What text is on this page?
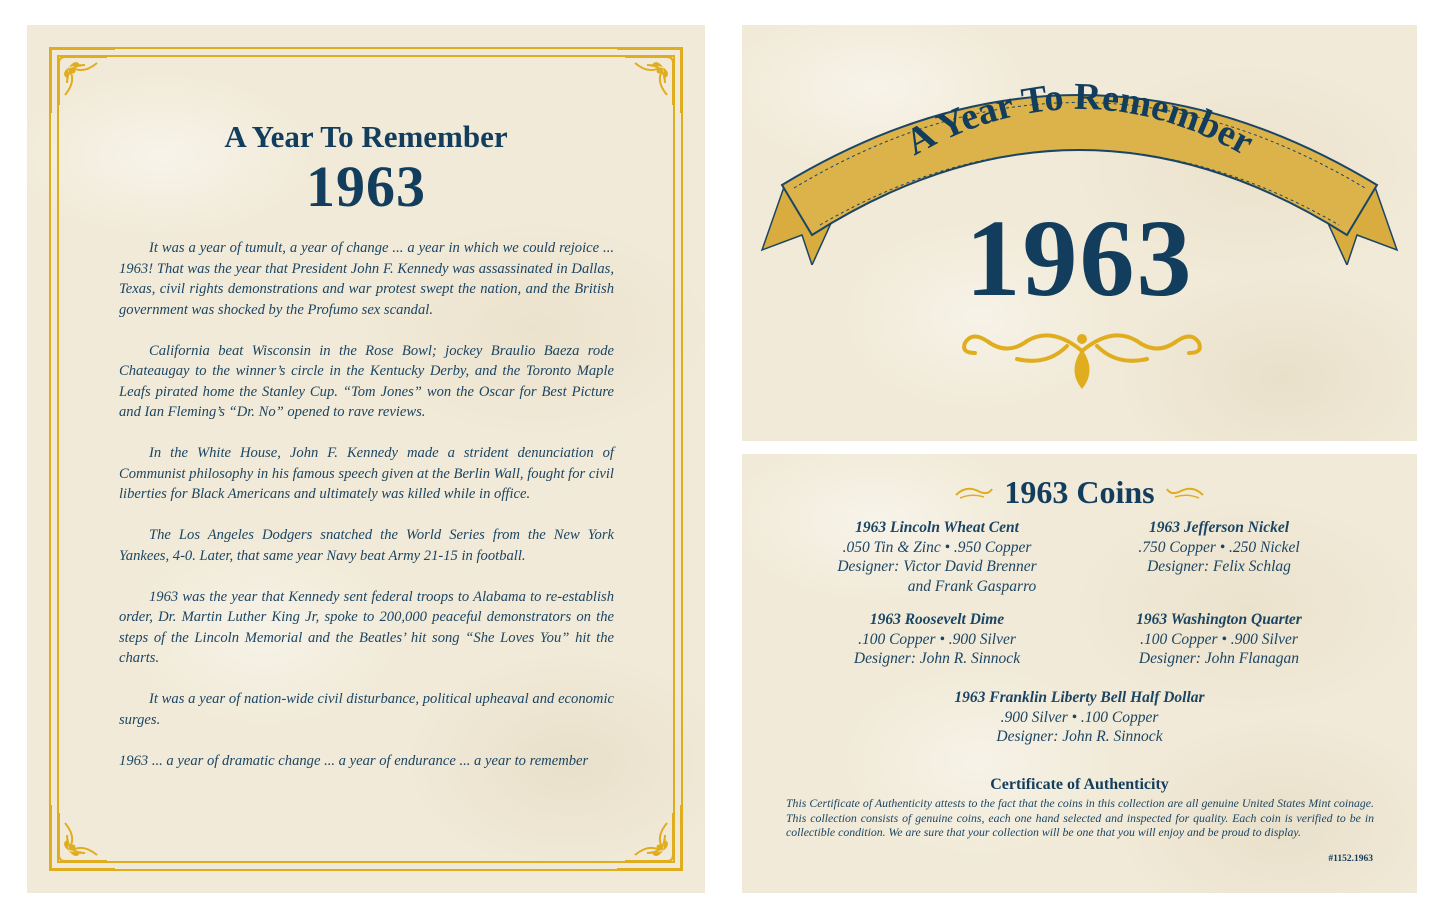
A Year To Remember
1963

It was a year of tumult, a year of change ... a year in which we could rejoice ... 1963! That was the year that President John F. Kennedy was assassinated in Dallas, Texas, civil rights demonstrations and war protest swept the nation, and the British government was shocked by the Profumo sex scandal.

California beat Wisconsin in the Rose Bowl; jockey Braulio Baeza rode Chateaugay to the winner’s circle in the Kentucky Derby, and the Toronto Maple Leafs pirated home the Stanley Cup. “Tom Jones” won the Oscar for Best Picture and Ian Fleming’s “Dr. No” opened to rave reviews.

In the White House, John F. Kennedy made a strident denunciation of Communist philosophy in his famous speech given at the Berlin Wall, fought for civil liberties for Black Americans and ultimately was killed while in office.

The Los Angeles Dodgers snatched the World Series from the New York Yankees, 4-0. Later, that same year Navy beat Army 21-15 in football.

1963 was the year that Kennedy sent federal troops to Alabama to re-establish order, Dr. Martin Luther King Jr, spoke to 200,000 peaceful demonstrators on the steps of the Lincoln Memorial and the Beatles’ hit song “She Loves You” hit the charts.

It was a year of nation-wide civil disturbance, political upheaval and economic surges.

1963 ... a year of dramatic change ... a year of endurance ... a year to remember

A Year To Remember
1963
1963 Coins
1963 Lincoln Wheat Cent
.050 Tin & Zinc • .950 Copper
Designer: Victor David Brenner
and Frank Gasparro
1963 Jefferson Nickel
.750 Copper • .250 Nickel
Designer: Felix Schlag
1963 Roosevelt Dime
.100 Copper • .900 Silver
Designer: John R. Sinnock
1963 Washington Quarter
.100 Copper • .900 Silver
Designer: John Flanagan
1963 Franklin Liberty Bell Half Dollar
.900 Silver • .100 Copper
Designer: John R. Sinnock
Certificate of Authenticity
This Certificate of Authenticity attests to the fact that the coins in this collection are all genuine United States Mint coinage. This collection consists of genuine coins, each one hand selected and inspected for quality. Each coin is verified to be in collectible condition. We are sure that your collection will be one that you will enjoy and be proud to display.
#1152.1963
